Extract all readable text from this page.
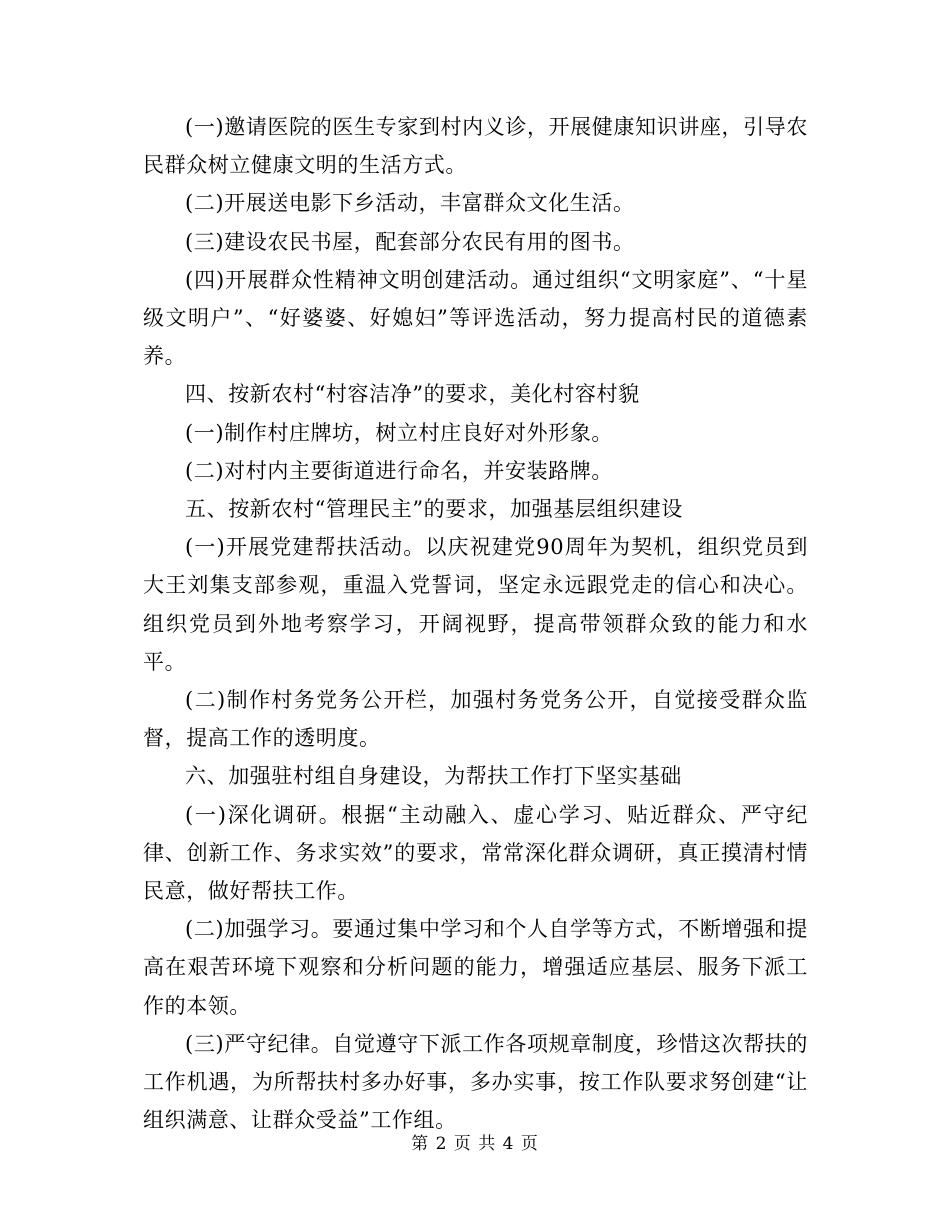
(一)邀请医院的医生专家到村内义诊，开展健康知识讲座，引导农民群众树立健康文明的生活方式。

(二)开展送电影下乡活动，丰富群众文化生活。

(三)建设农民书屋，配套部分农民有用的图书。

(四)开展群众性精神文明创建活动。通过组织“文明家庭”、“十星级文明户”、“好婆婆、好媳妇”等评选活动，努力提高村民的道德素养。

四、按新农村“村容洁净”的要求，美化村容村貌

(一)制作村庄牌坊，树立村庄良好对外形象。

(二)对村内主要街道进行命名，并安装路牌。

五、按新农村“管理民主”的要求，加强基层组织建设

(一)开展党建帮扶活动。以庆祝建党90周年为契机，组织党员到大王刘集支部参观，重温入党誓词，坚定永远跟党走的信心和决心。组织党员到外地考察学习，开阔视野，提高带领群众致的能力和水平。

(二)制作村务党务公开栏，加强村务党务公开，自觉接受群众监督，提高工作的透明度。

六、加强驻村组自身建设，为帮扶工作打下坚实基础

(一)深化调研。根据“主动融入、虚心学习、贴近群众、严守纪律、创新工作、务求实效”的要求，常常深化群众调研，真正摸清村情民意，做好帮扶工作。

(二)加强学习。要通过集中学习和个人自学等方式，不断增强和提高在艰苦环境下观察和分析问题的能力，增强适应基层、服务下派工作的本领。

(三)严守纪律。自觉遵守下派工作各项规章制度，珍惜这次帮扶的工作机遇，为所帮扶村多办好事，多办实事，按工作队要求努创建“让组织满意、让群众受益”工作组。

第 2 页 共 4 页
